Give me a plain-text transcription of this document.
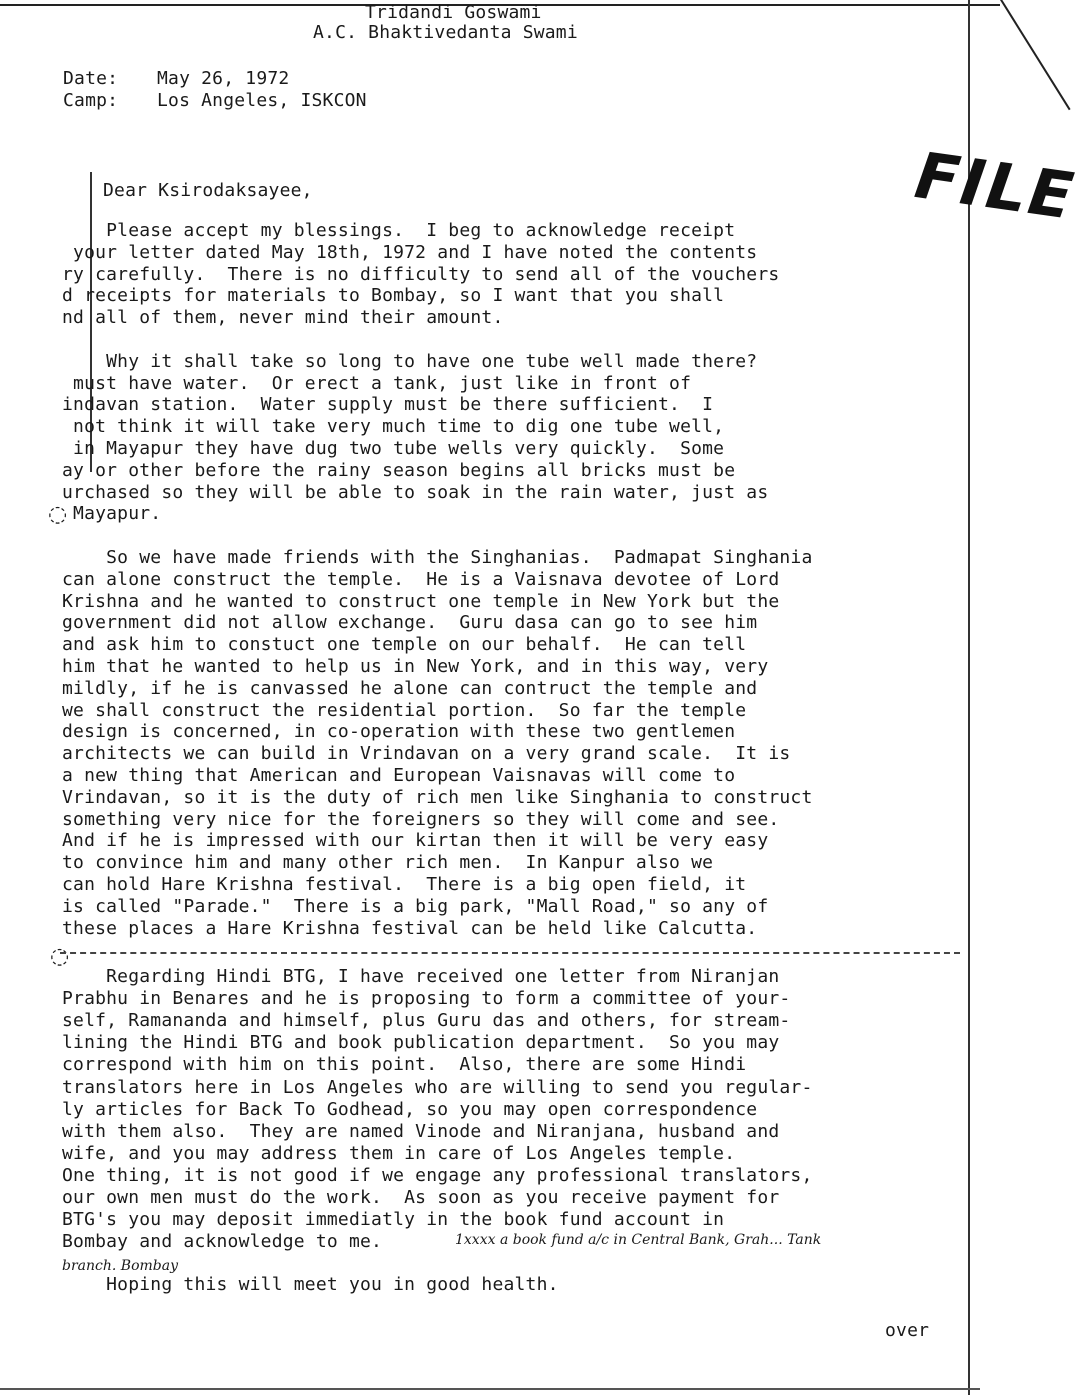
Tridandi Goswami
A.C. Bhaktivedanta Swami
Date: May 26, 1972
Camp: Los Angeles, ISKCON
FILE
Dear Ksirodaksayee,
Please accept my blessings.  I beg to acknowledge receipt
your letter dated May 18th, 1972 and I have noted the contents
ry carefully.  There is no difficulty to send all of the vouchers
d receipts for materials to Bombay, so I want that you shall
nd all of them, never mind their amount.
Why it shall take so long to have one tube well made there?
must have water.  Or erect a tank, just like in front of
indavan station.  Water supply must be there sufficient.  I
not think it will take very much time to dig one tube well,
in Mayapur they have dug two tube wells very quickly.  Some
ay or other before the rainy season begins all bricks must be
urchased so they will be able to soak in the rain water, just as
Mayapur.
So we have made friends with the Singhanias.  Padmapat Singhania
can alone construct the temple.  He is a Vaisnava devotee of Lord
Krishna and he wanted to construct one temple in New York but the
government did not allow exchange.  Guru dasa can go to see him
and ask him to constuct one temple on our behalf.  He can tell
him that he wanted to help us in New York, and in this way, very
mildly, if he is canvassed he alone can contruct the temple and
we shall construct the residential portion.  So far the temple
design is concerned, in co-operation with these two gentlemen
architects we can build in Vrindavan on a very grand scale.  It is
a new thing that American and European Vaisnavas will come to
Vrindavan, so it is the duty of rich men like Singhania to construct
something very nice for the foreigners so they will come and see.
And if he is impressed with our kirtan then it will be very easy
to convince him and many other rich men.  In Kanpur also we
can hold Hare Krishna festival.  There is a big open field, it
is called "Parade."  There is a big park, "Mall Road," so any of
these places a Hare Krishna festival can be held like Calcutta.
◌
◌
Regarding Hindi BTG, I have received one letter from Niranjan
Prabhu in Benares and he is proposing to form a committee of your-
self, Ramananda and himself, plus Guru das and others, for stream-
lining the Hindi BTG and book publication department.  So you may
correspond with him on this point.  Also, there are some Hindi
translators here in Los Angeles who are willing to send you regular-
ly articles for Back To Godhead, so you may open correspondence
with them also.  They are named Vinode and Niranjana, husband and
wife, and you may address them in care of Los Angeles temple.
One thing, it is not good if we engage any professional translators,
our own men must do the work.  As soon as you receive payment for
BTG's you may deposit immediatly in the book fund account in
Bombay and acknowledge to me.	1xxxx a book fund a/c in Central Bank, Grah... Tank
branch. Bombay
Hoping this will meet you in good health.
over
